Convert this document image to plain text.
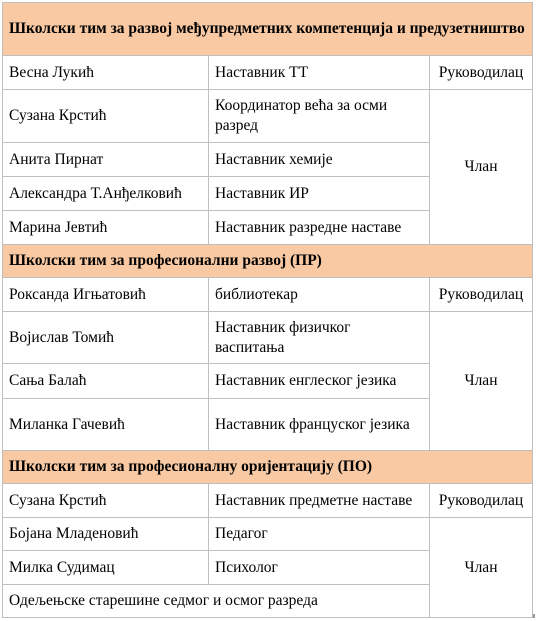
Школски тим за развој међупредметних компетенција и предузетништво		
Весна Лукић	Наставник ТТ	Руководилац
Сузана Крстић	Координатор већа за осми разред	Члан
Анита Пирнат	Наставник хемије	
Александра Т.Анђелковић	Наставник ИР	
Марина Јевтић	Наставник разредне наставе	
Школски тим за професионални развој (ПР)		
Роксанда Игњатовић	библиотекар	Руководилац
Војислав Томић	Наставник физичког васпитања	Члан
Сања Балаћ	Наставник енглеског језика	
Миланка Гачевић	Наставник француског језика	
Школски тим за професионалну оријентацију (ПО)		
Сузана Крстић	Наставник предметне наставе	Руководилац
Бојана Младеновић	Педагог	Члан
Милка Судимац	Психолог	
Одељењске старешине седмог и осмог разреда		
